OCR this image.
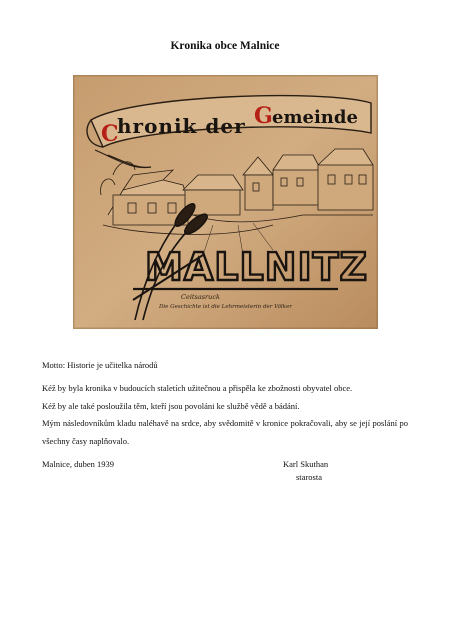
Kronika obce Malnice
C
hronik der G emeinde
MALLNITZ
Ceitsasruck
Die Geschichte ist die Lehrmeisterin der Völker
Motto: Historie je učitelka národů

Kéž by byla kronika v budoucích staletích užitečnou a přispěla ke zbožnosti obyvatel obce.

Kéž by ale také posloužila těm, kteří jsou povoláni ke službě vědě a bádání.

Mým následovníkům kladu naléhavě na srdce, aby svědomitě v kronice pokračovali, aby se její poslání po všechny časy naplňovalo.

Malnice, duben 1939	Karl Skuthan
starosta
